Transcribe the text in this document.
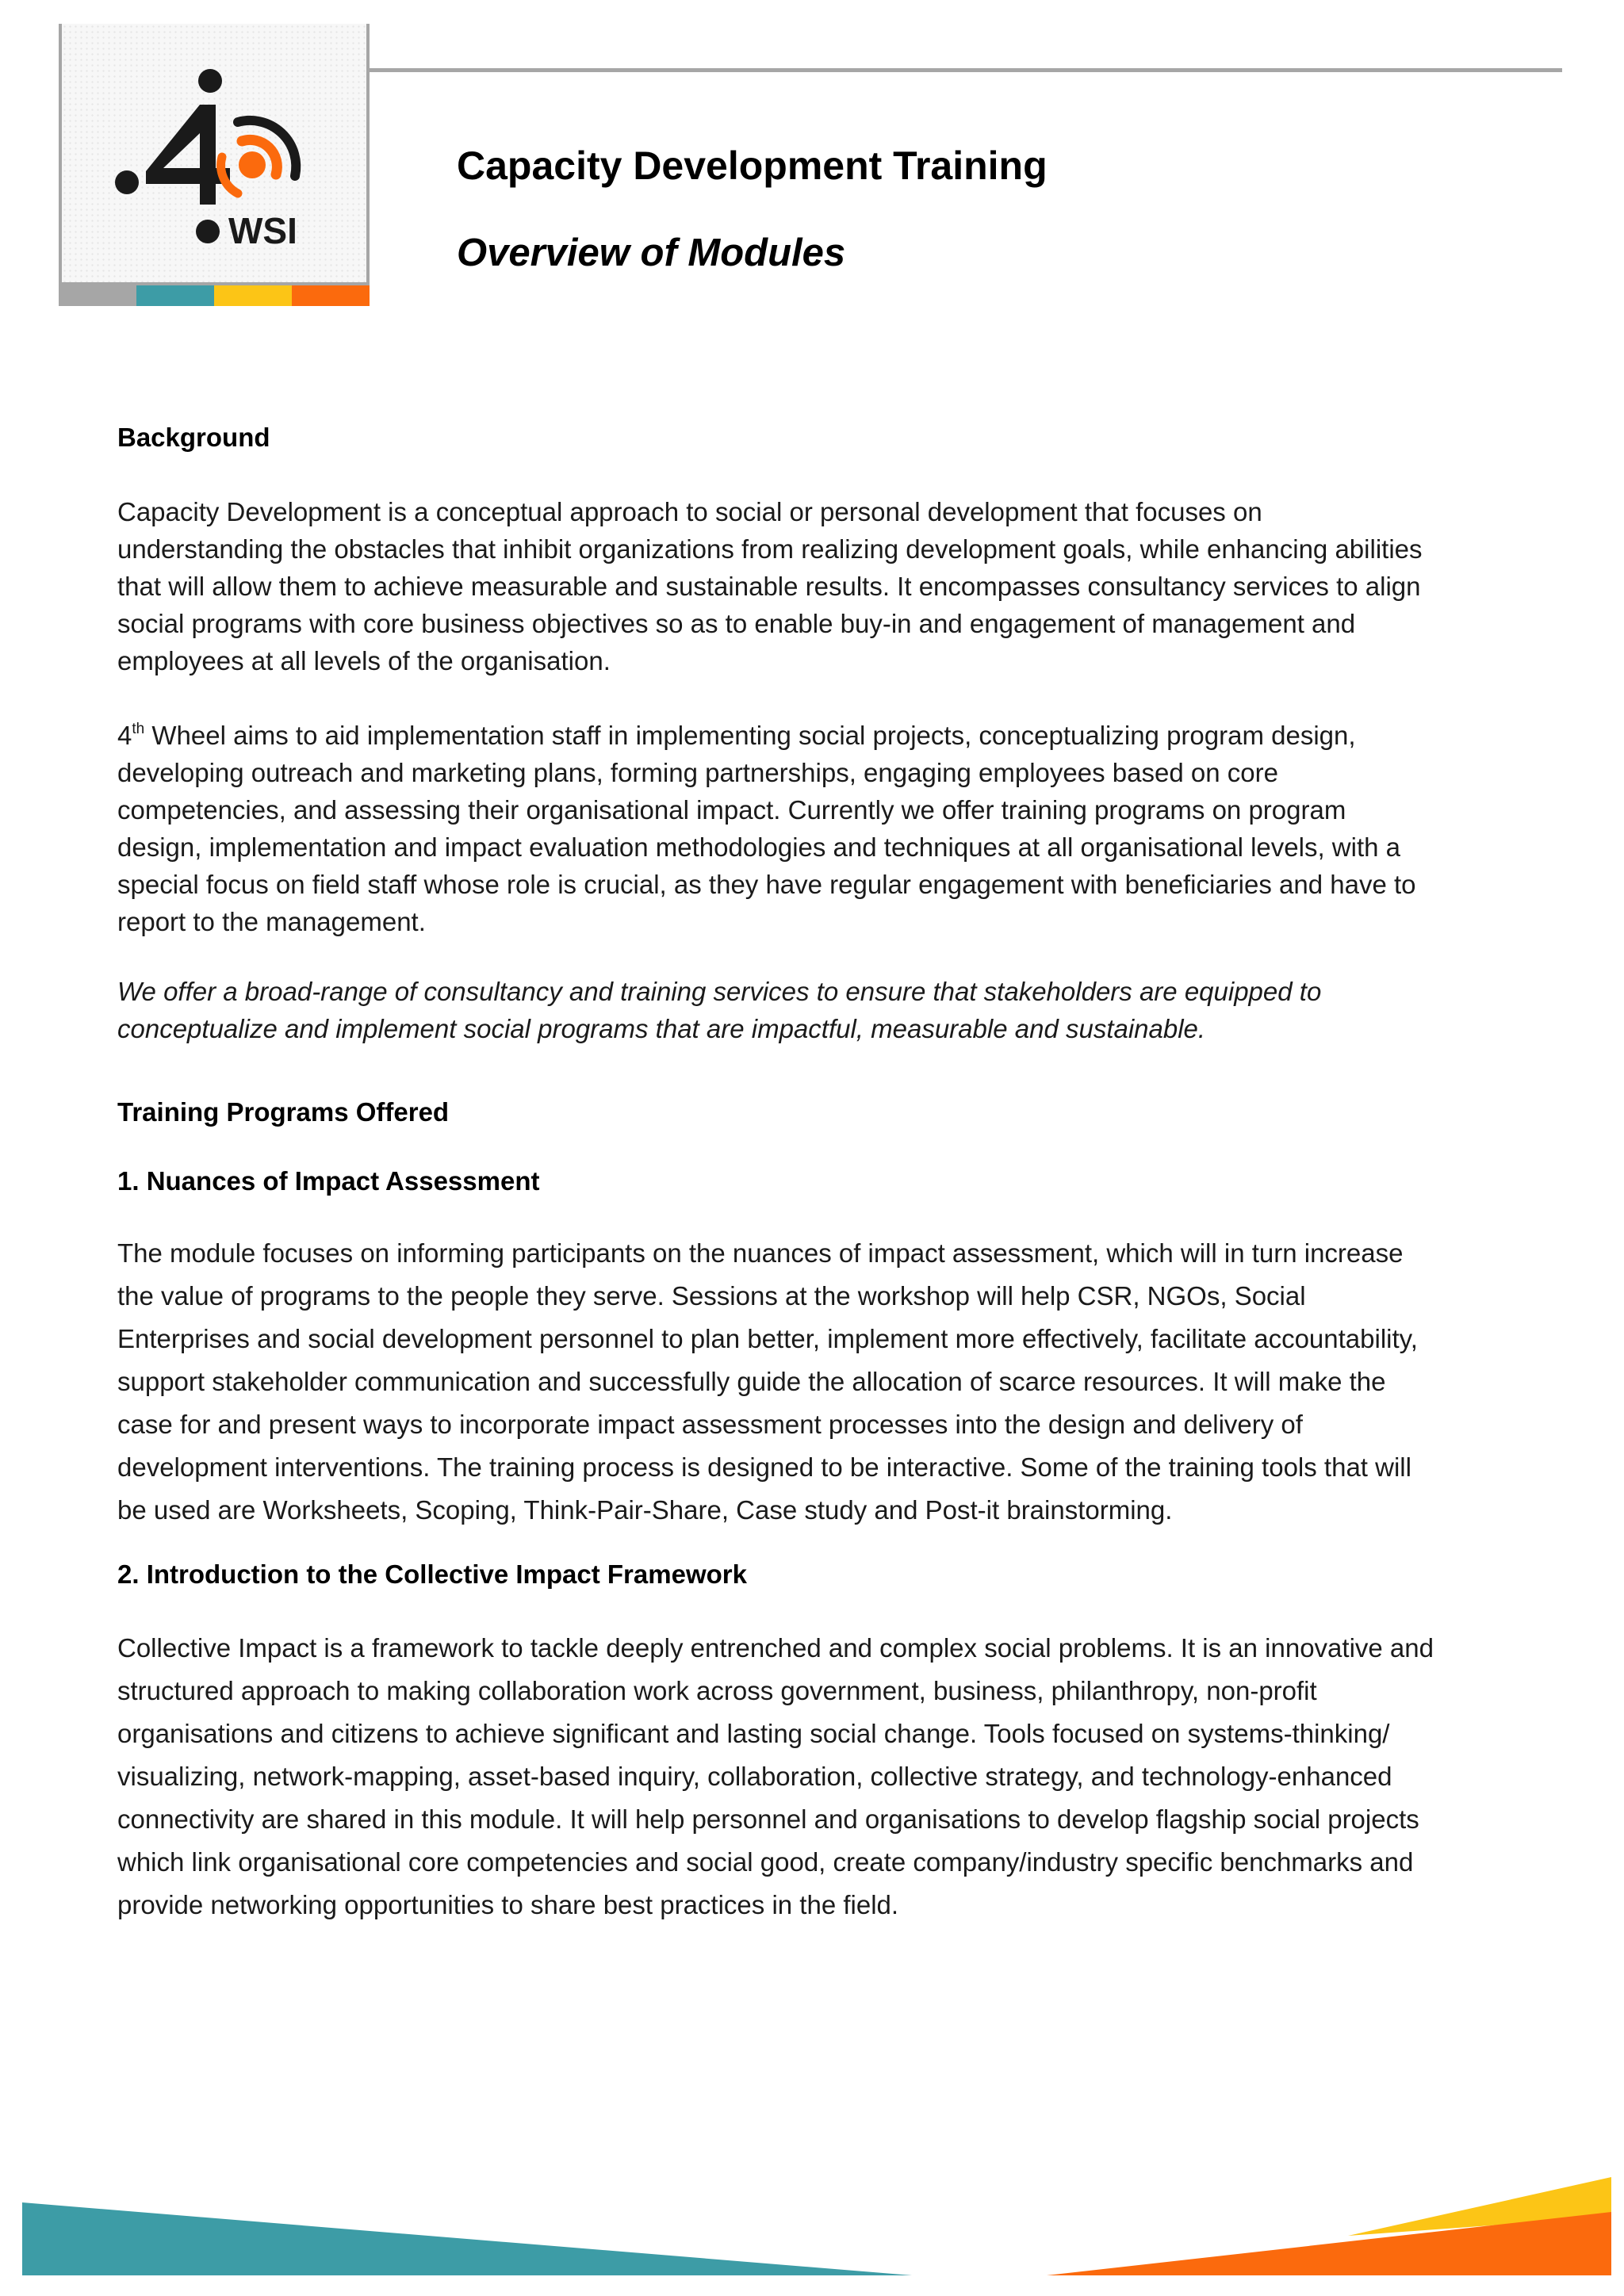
WSI
Capacity Development Training
Overview of Modules

Background

Capacity Development is a conceptual approach to social or personal development that focuses on understanding the obstacles that inhibit organizations from realizing development goals, while enhancing abilities that will allow them to achieve measurable and sustainable results. It encompasses consultancy services to align social programs with core business objectives so as to enable buy-in and engagement of management and employees at all levels of the organisation.

4th Wheel aims to aid implementation staff in implementing social projects, conceptualizing program design, developing outreach and marketing plans, forming partnerships, engaging employees based on core competencies, and assessing their organisational impact. Currently we offer training programs on program design, implementation and impact evaluation methodologies and techniques at all organisational levels, with a special focus on field staff whose role is crucial, as they have regular engagement with beneficiaries and have to report to the management.

We offer a broad-range of consultancy and training services to ensure that stakeholders are equipped to conceptualize and implement social programs that are impactful, measurable and sustainable.

Training Programs Offered

1. Nuances of Impact Assessment

The module focuses on informing participants on the nuances of impact assessment, which will in turn increase the value of programs to the people they serve. Sessions at the workshop will help CSR, NGOs, Social Enterprises and social development personnel to plan better, implement more effectively, facilitate accountability, support stakeholder communication and successfully guide the allocation of scarce resources. It will make the case for and present ways to incorporate impact assessment processes into the design and delivery of development interventions. The training process is designed to be interactive. Some of the training tools that will be used are Worksheets, Scoping, Think-Pair-Share, Case study and Post-it brainstorming.

2. Introduction to the Collective Impact Framework

Collective Impact is a framework to tackle deeply entrenched and complex social problems. It is an innovative and structured approach to making collaboration work across government, business, philanthropy, non-profit organisations and citizens to achieve significant and lasting social change. Tools focused on systems-thinking/ visualizing, network-mapping, asset-based inquiry, collaboration, collective strategy, and technology-enhanced connectivity are shared in this module. It will help personnel and organisations to develop flagship social projects which link organisational core competencies and social good, create company/industry specific benchmarks and provide networking opportunities to share best practices in the field.
